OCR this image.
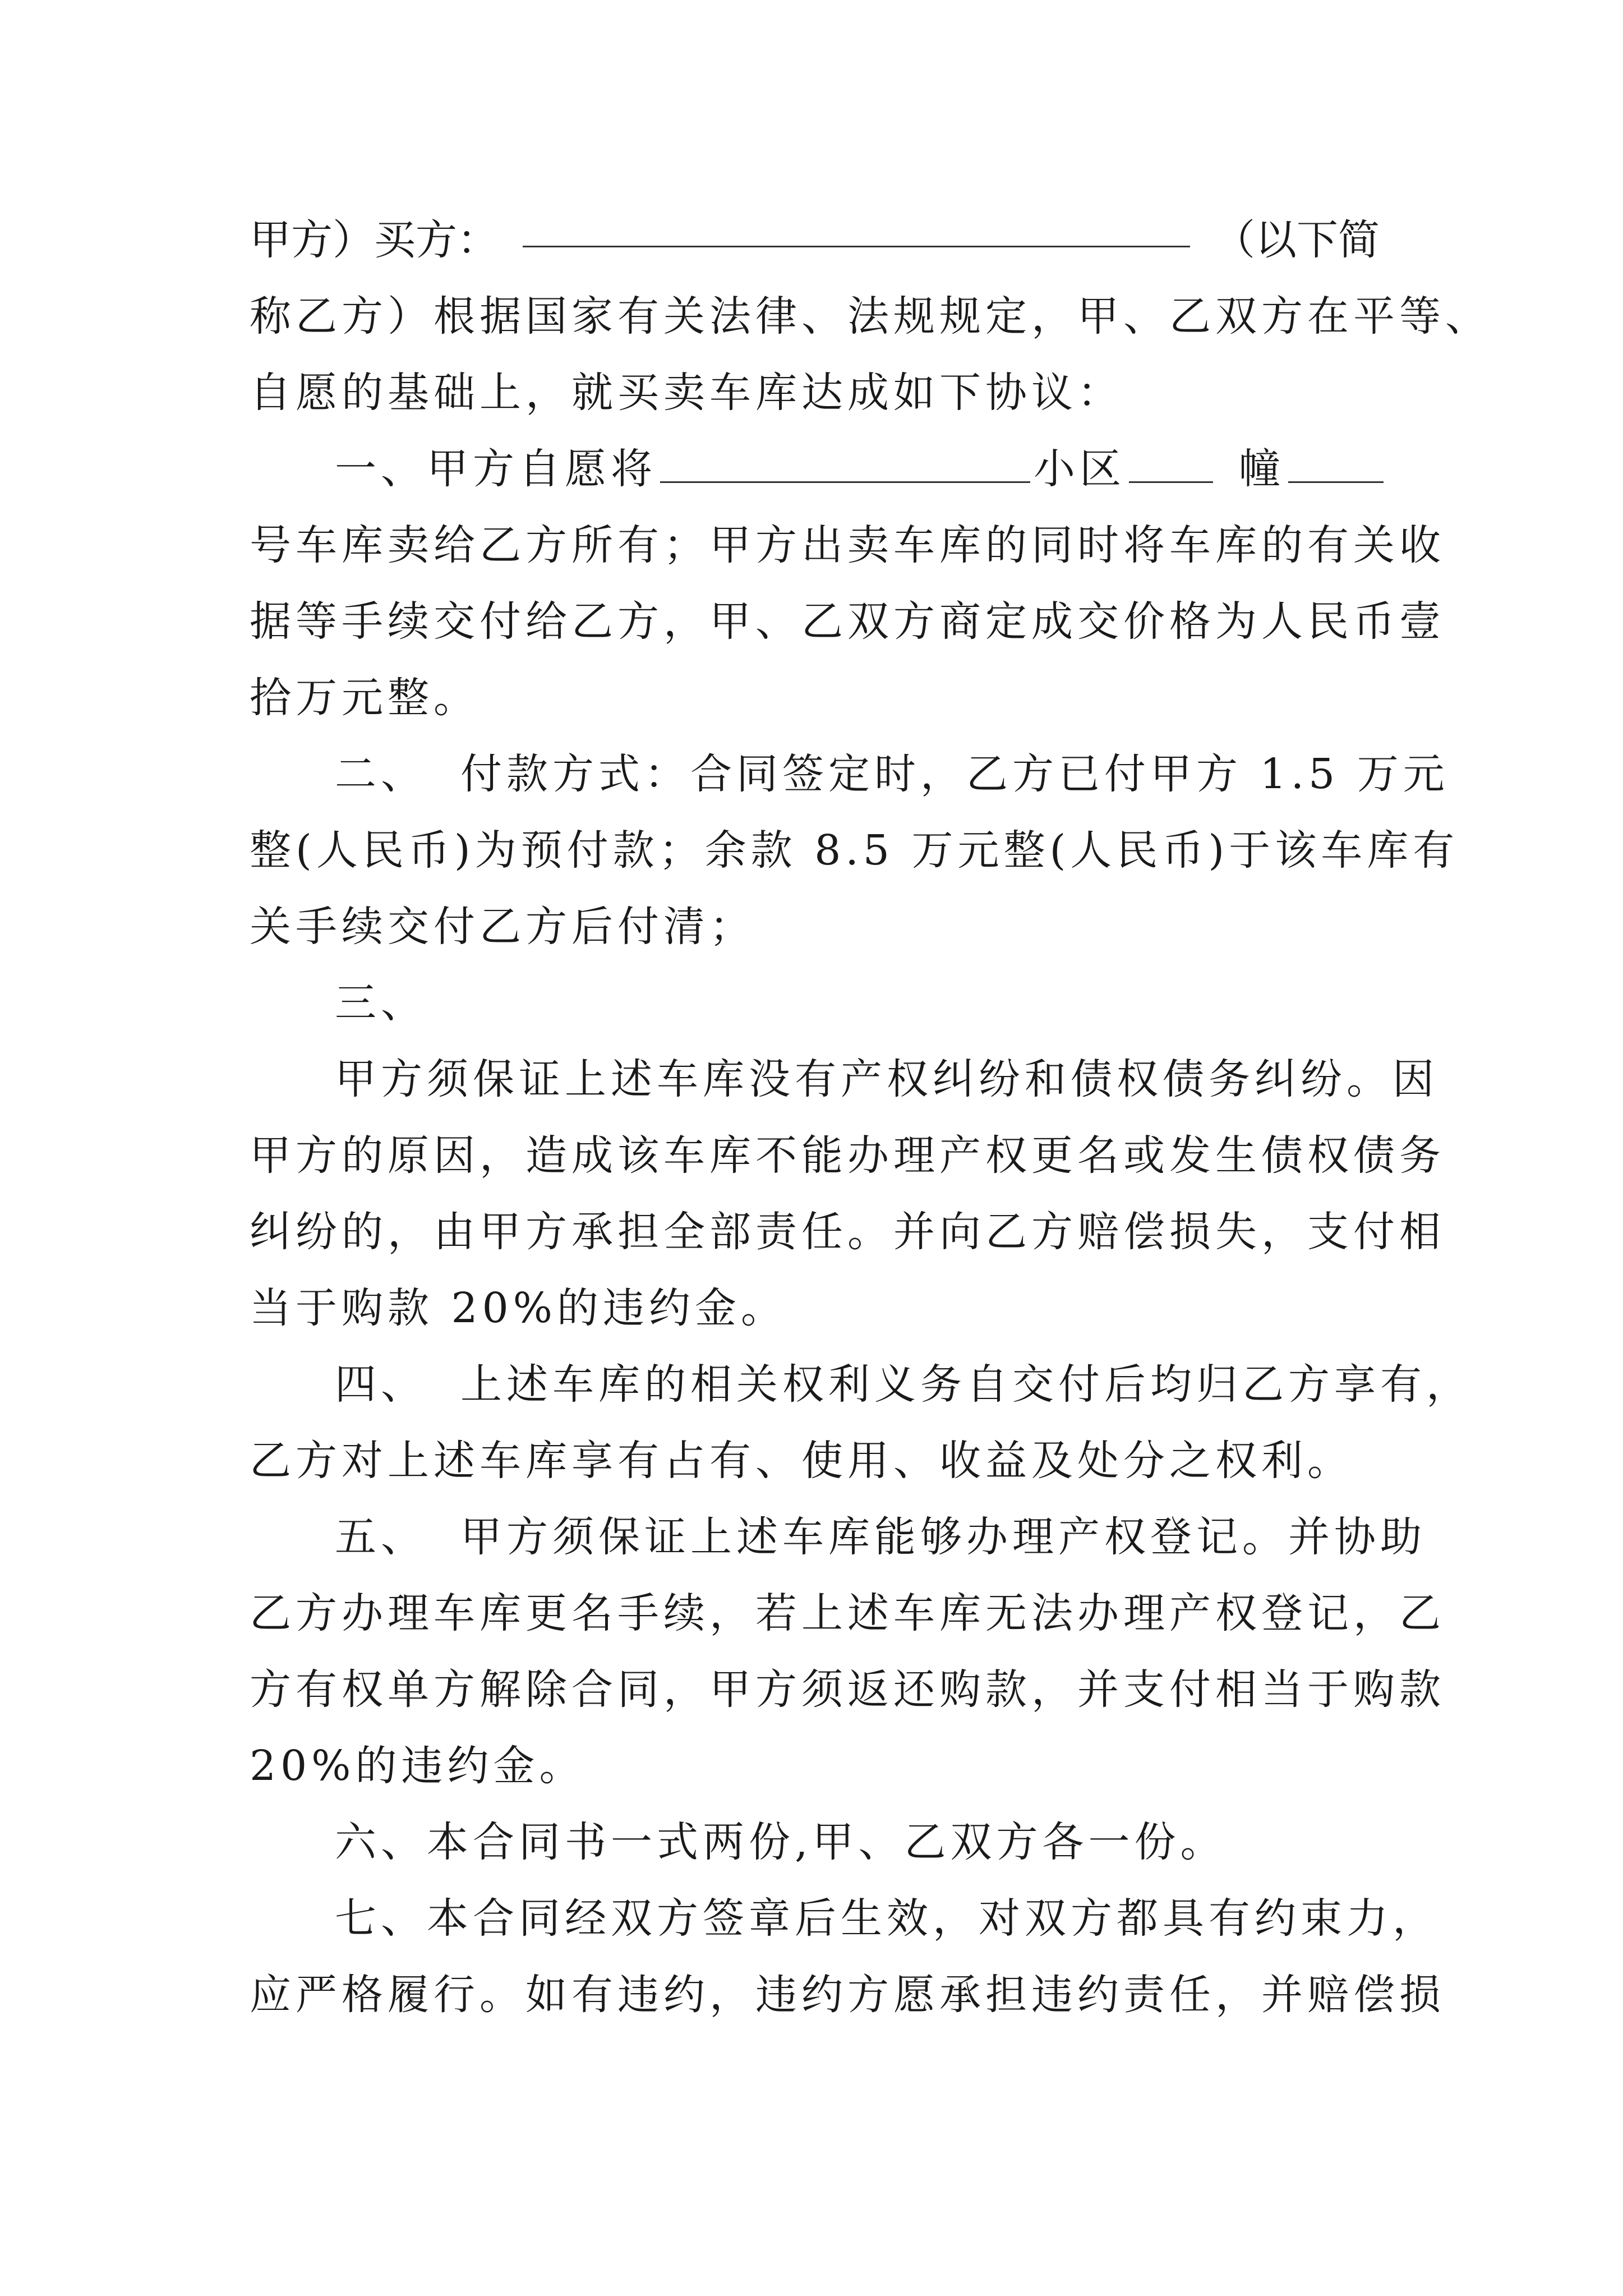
甲方）买方：	（以下简
称乙方）根据国家有关法律、法规规定，甲、乙双方在平等、
自愿的基础上，就买卖车库达成如下协议：
一、甲方自愿将	小区	幢
号车库卖给乙方所有；甲方出卖车库的同时将车库的有关收
据等手续交付给乙方，甲、乙双方商定成交价格为人民币壹
拾万元整。
二、 付款方式：合同签定时，乙方已付甲方 1.5 万元
整(人民币)为预付款；余款 8.5 万元整(人民币)于该车库有
关手续交付乙方后付清；
三、
甲方须保证上述车库没有产权纠纷和债权债务纠纷。因
甲方的原因，造成该车库不能办理产权更名或发生债权债务
纠纷的，由甲方承担全部责任。并向乙方赔偿损失，支付相
当于购款 20%的违约金。
四、 上述车库的相关权利义务自交付后均归乙方享有，
乙方对上述车库享有占有、使用、收益及处分之权利。
五、 甲方须保证上述车库能够办理产权登记。并协助
乙方办理车库更名手续，若上述车库无法办理产权登记，乙
方有权单方解除合同，甲方须返还购款，并支付相当于购款
20%的违约金。
六、本合同书一式两份,甲、乙双方各一份。
七、本合同经双方签章后生效，对双方都具有约束力，
应严格履行。如有违约，违约方愿承担违约责任，并赔偿损
